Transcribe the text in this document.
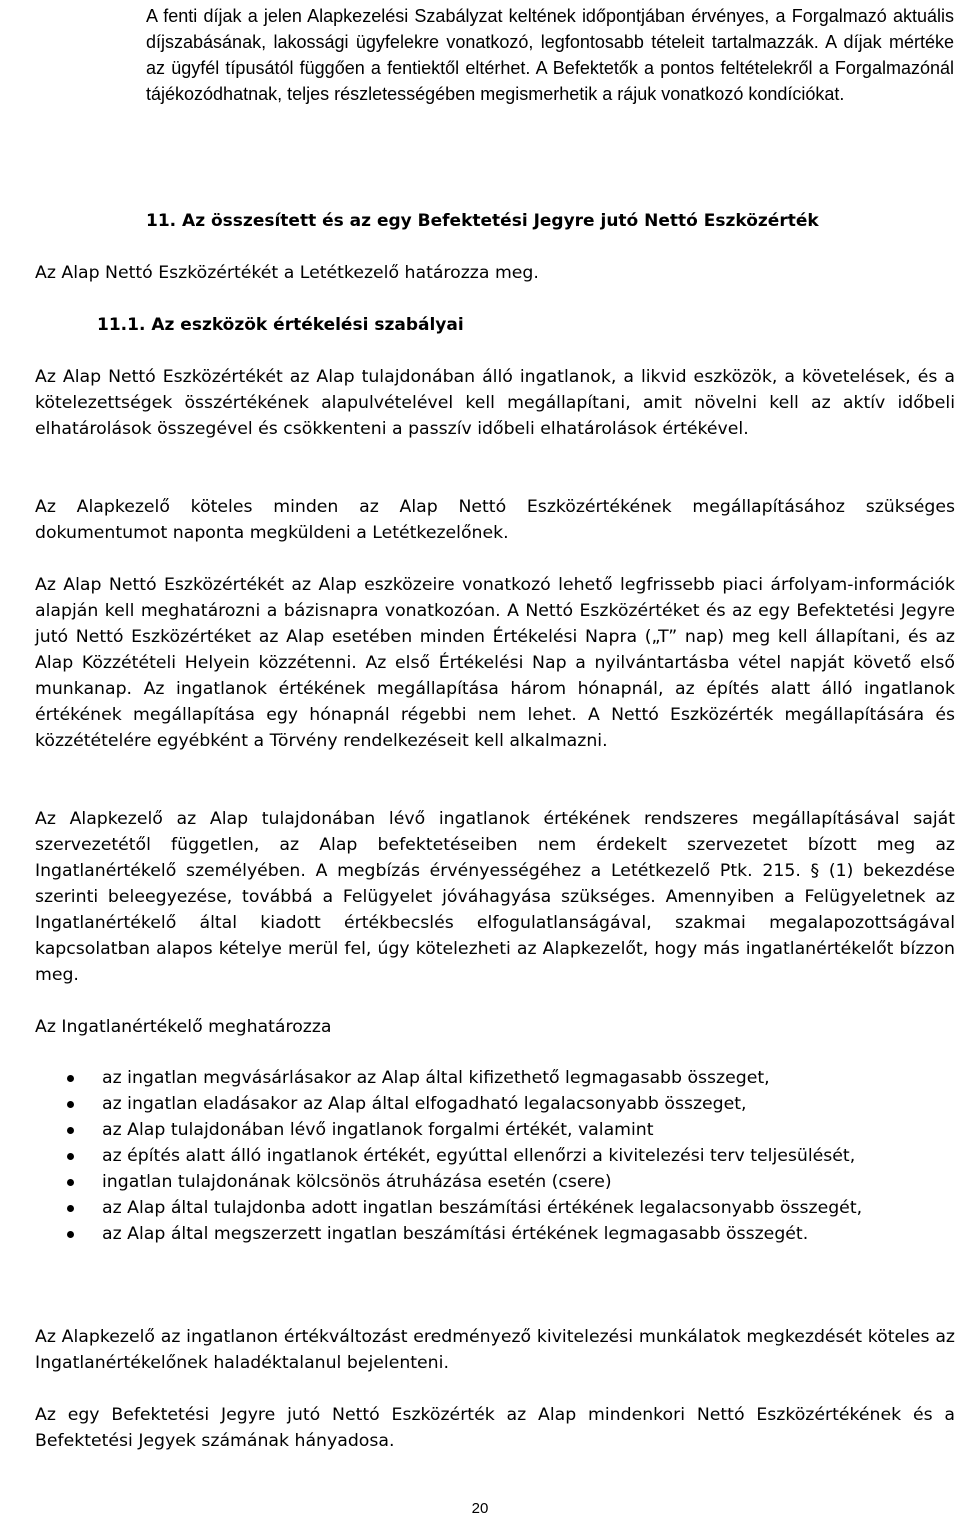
A fenti díjak a jelen Alapkezelési Szabályzat keltének időpontjában érvényes, a Forgalmazó aktuális díjszabásának, lakossági ügyfelekre vonatkozó, legfontosabb tételeit tartalmazzák. A díjak mértéke az ügyfél típusától függően a fentiektől eltérhet. A Befektetők a pontos feltételekről a Forgalmazónál tájékozódhatnak, teljes részletességében megismerhetik a rájuk vonatkozó kondíciókat.

11. Az összesített és az egy Befektetési Jegyre jutó Nettó Eszközérték

Az Alap Nettó Eszközértékét a Letétkezelő határozza meg.

11.1. Az eszközök értékelési szabályai

Az Alap Nettó Eszközértékét az Alap tulajdonában álló ingatlanok, a likvid eszközök, a követelések, és a kötelezettségek összértékének alapulvételével kell megállapítani, amit növelni kell az aktív időbeli elhatárolások összegével és csökkenteni a passzív időbeli elhatárolások értékével.

Az Alapkezelő köteles minden az Alap Nettó Eszközértékének megállapításához szükséges dokumentumot naponta megküldeni a Letétkezelőnek.

Az Alap Nettó Eszközértékét az Alap eszközeire vonatkozó lehető legfrissebb piaci árfolyam-információk alapján kell meghatározni a bázisnapra vonatkozóan. A Nettó Eszközértéket és az egy Befektetési Jegyre jutó Nettó Eszközértéket az Alap esetében minden Értékelési Napra („T” nap) meg kell állapítani, és az Alap Közzétételi Helyein közzétenni. Az első Értékelési Nap a nyilvántartásba vétel napját követő első munkanap. Az ingatlanok értékének megállapítása három hónapnál, az építés alatt álló ingatlanok értékének megállapítása egy hónapnál régebbi nem lehet. A Nettó Eszközérték megállapítására és közzétételére egyébként a Törvény rendelkezéseit kell alkalmazni.

Az Alapkezelő az Alap tulajdonában lévő ingatlanok értékének rendszeres megállapításával saját szervezetétől független, az Alap befektetéseiben nem érdekelt szervezetet bízott meg az Ingatlanértékelő személyében. A megbízás érvényességéhez a Letétkezelő Ptk. 215. § (1) bekezdése szerinti beleegyezése, továbbá a Felügyelet jóváhagyása szükséges. Amennyiben a Felügyeletnek az Ingatlanértékelő által kiadott értékbecslés elfogulatlanságával, szakmai megalapozottságával kapcsolatban alapos kételye merül fel, úgy kötelezheti az Alapkezelőt, hogy más ingatlanértékelőt bízzon meg.

Az Ingatlanértékelő meghatározza

az ingatlan megvásárlásakor az Alap által kifizethető legmagasabb összeget,
az ingatlan eladásakor az Alap által elfogadható legalacsonyabb összeget,
az Alap tulajdonában lévő ingatlanok forgalmi értékét, valamint
az építés alatt álló ingatlanok értékét, egyúttal ellenőrzi a kivitelezési terv teljesülését,
ingatlan tulajdonának kölcsönös átruházása esetén (csere)
az Alap által tulajdonba adott ingatlan beszámítási értékének legalacsonyabb összegét,
az Alap által megszerzett ingatlan beszámítási értékének legmagasabb összegét.

Az Alapkezelő az ingatlanon értékváltozást eredményező kivitelezési munkálatok megkezdését köteles az Ingatlanértékelőnek haladéktalanul bejelenteni.

Az egy Befektetési Jegyre jutó Nettó Eszközérték az Alap mindenkori Nettó Eszközértékének és a Befektetési Jegyek számának hányadosa.

20
